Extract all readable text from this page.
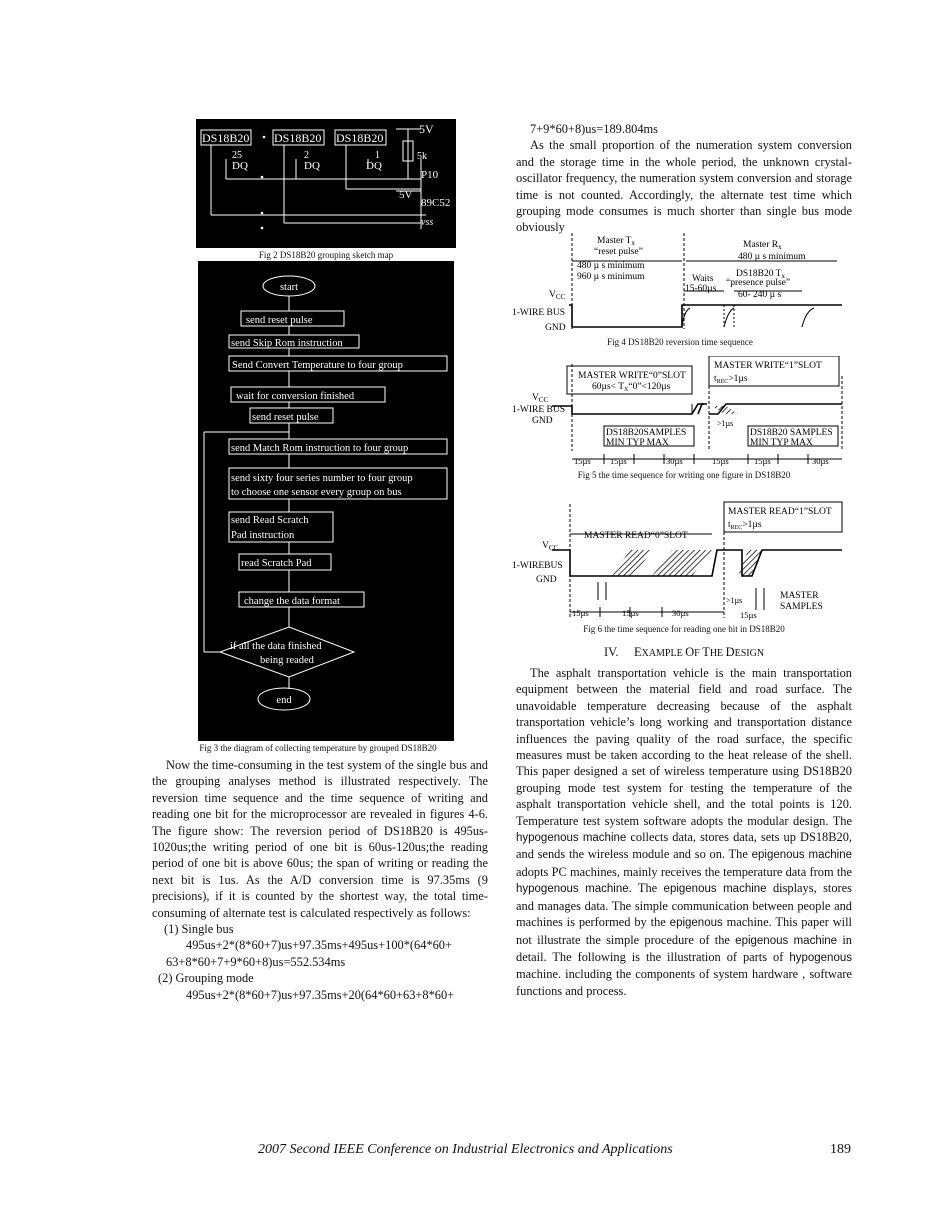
DS18B20 DS18B20 DS18B20
25	2	1
DQ	DQ	DQ
5V
5k
P10
5V
89C52
vss
Fig 2 DS18B20 grouping sketch map
start
send reset pulse
send Skip Rom instruction
Send Convert Temperature to four group
wait for conversion finished
send reset pulse
send Match Rom instruction to four group
send sixty four series number to four group
to choose one sensor every group on bus
send Read Scratch
Pad instruction
read Scratch Pad
change the data format
if all the data finished
being readed
end
Fig 3 the diagram of collecting temperature by grouped DS18B20

Now the time-consuming in the test system of the single bus and the grouping analyses method is illustrated respectively. The reversion time sequence and the time sequence of writing and reading one bit for the microprocessor are revealed in figures 4-6. The figure show: The reversion period of DS18B20 is 495us-1020us;the writing period of one bit is 60us-120us;the reading period of one bit is above 60us; the span of writing or reading the next bit is 1us. As the A/D conversion time is 97.35ms (9 precisions), if it is counted by the shortest way, the total time-consuming of alternate test is calculated respectively as follows:

(1) Single bus

495us+2*(8*60+7)us+97.35ms+495us+100*(64*60+

63+8*60+7+9*60+8)us=552.534ms

(2) Grouping mode

495us+2*(8*60+7)us+97.35ms+20(64*60+63+8*60+

7+9*60+8)us=189.804ms

As the small proportion of the numeration system conversion and the storage time in the whole period, the unknown crystal-oscillator frequency, the numeration system conversion and storage time is not counted. Accordingly, the alternate test time which grouping mode consumes is much shorter than single bus mode obviously

Master $T_x$
“reset pulse”
480 µ s minimum
960 µ s minimum
Master $R_x$
480 µ s minimum
Waits
15-60µs
DS18B20 $T_x$
“presence pulse”
60- 240 µ s
$V_{CC}$
1-WIRE BUS
GND
Fig 4 DS18B20 reversion time sequence
MASTER WRITE“0”SLOT
$60\mu s< T_X“0”<120\mu s$
MASTER WRITE“1”SLOT
$t_{REC}>1\mu s$
$V_{CC}$
1-WIRE BUS
GND
DS18B20SAMPLES
MIN TYP MAX
DS18B20 SAMPLES
MIN TYP MAX
>1µs
15µs 15µs	30µs	15µs	15µs	30µs
Fig 5 the time sequence for writing one figure in DS18B20
MASTER READ“1”SLOT
$t_{REC}>1\mu s$
MASTER READ“0”SLOT
$V_{CC}$
1-WIREBUS
GND
>1µs	MASTER
SAMPLES
15µs	15µs	30µs	15µs
Fig 6 the time sequence for reading one bit in DS18B20
IV. EXAMPLE OF THE DESIGN

The asphalt transportation vehicle is the main transportation equipment between the material field and road surface. The unavoidable temperature decreasing because of the asphalt transportation vehicle’s long working and transportation distance influences the paving quality of the road surface, the specific measures must be taken according to the heat release of the shell. This paper designed a set of wireless temperature using DS18B20 grouping mode test system for testing the temperature of the asphalt transportation vehicle shell, and the total points is 120. Temperature test system software adopts the modular design. The hypogenous machine collects data, stores data, sets up DS18B20, and sends the wireless module and so on. The epigenous machine adopts PC machines, mainly receives the temperature data from the hypogenous machine. The epigenous machine displays, stores and manages data. The simple communication between people and machines is performed by the epigenous machine. This paper will not illustrate the simple procedure of the epigenous machine in detail. The following is the illustration of parts of hypogenous machine. including the components of system hardware , software functions and process.

2007 Second IEEE Conference on Industrial Electronics and Applications	189
